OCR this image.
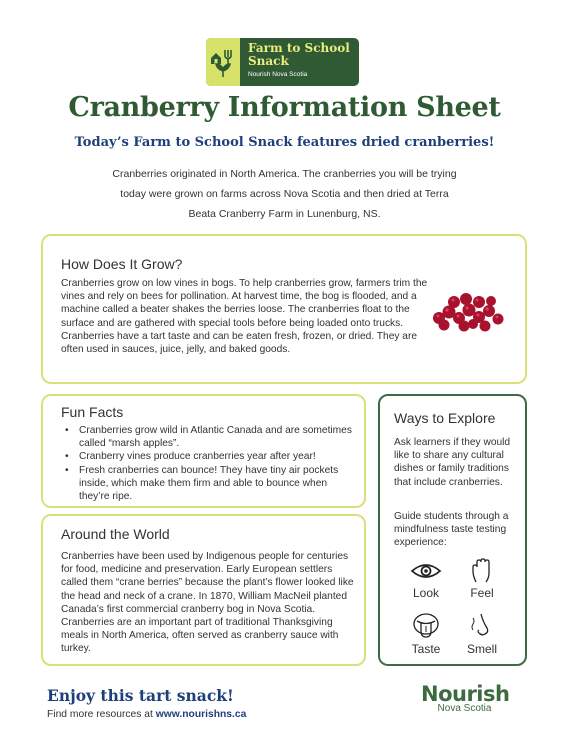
Farm to School Snack
Nourish Nova Scotia
Cranberry Information Sheet
Today’s Farm to School Snack features dried cranberries!

Cranberries originated in North America. The cranberries you will be trying today were grown on farms across Nova Scotia and then dried at Terra Beata Cranberry Farm in Lunenburg, NS.

How Does It Grow?

Cranberries grow on low vines in bogs. To help cranberries grow, farmers trim the vines and rely on bees for pollination. At harvest time, the bog is flooded, and a machine called a beater shakes the berries loose. The cranberries float to the surface and are gathered with special tools before being loaded onto trucks. Cranberries have a tart taste and can be eaten fresh, frozen, or dried. They are often used in sauces, juice, jelly, and baked goods.

Fun Facts
• Cranberries grow wild in Atlantic Canada and are sometimes called “marsh apples”.
• Cranberry vines produce cranberries year after year!
• Fresh cranberries can bounce! They have tiny air pockets inside, which make them firm and able to bounce when they’re ripe.
Around the World

Cranberries have been used by Indigenous people for centuries for food, medicine and preservation. Early European settlers called them “crane berries” because the plant’s flower looked like the head and neck of a crane. In 1870, William MacNeil planted Canada’s first commercial cranberry bog in Nova Scotia. Cranberries are an important part of traditional Thanksgiving meals in North America, often served as cranberry sauce with turkey.

Ways to Explore

Ask learners if they would like to share any cultural dishes or family traditions that include cranberries.

Guide students through a mindfulness taste testing experience:

Look	Feel
Taste	Smell
Enjoy this tart snack!
Find more resources at www.nourishns.ca
Nourish
Nova Scotia
